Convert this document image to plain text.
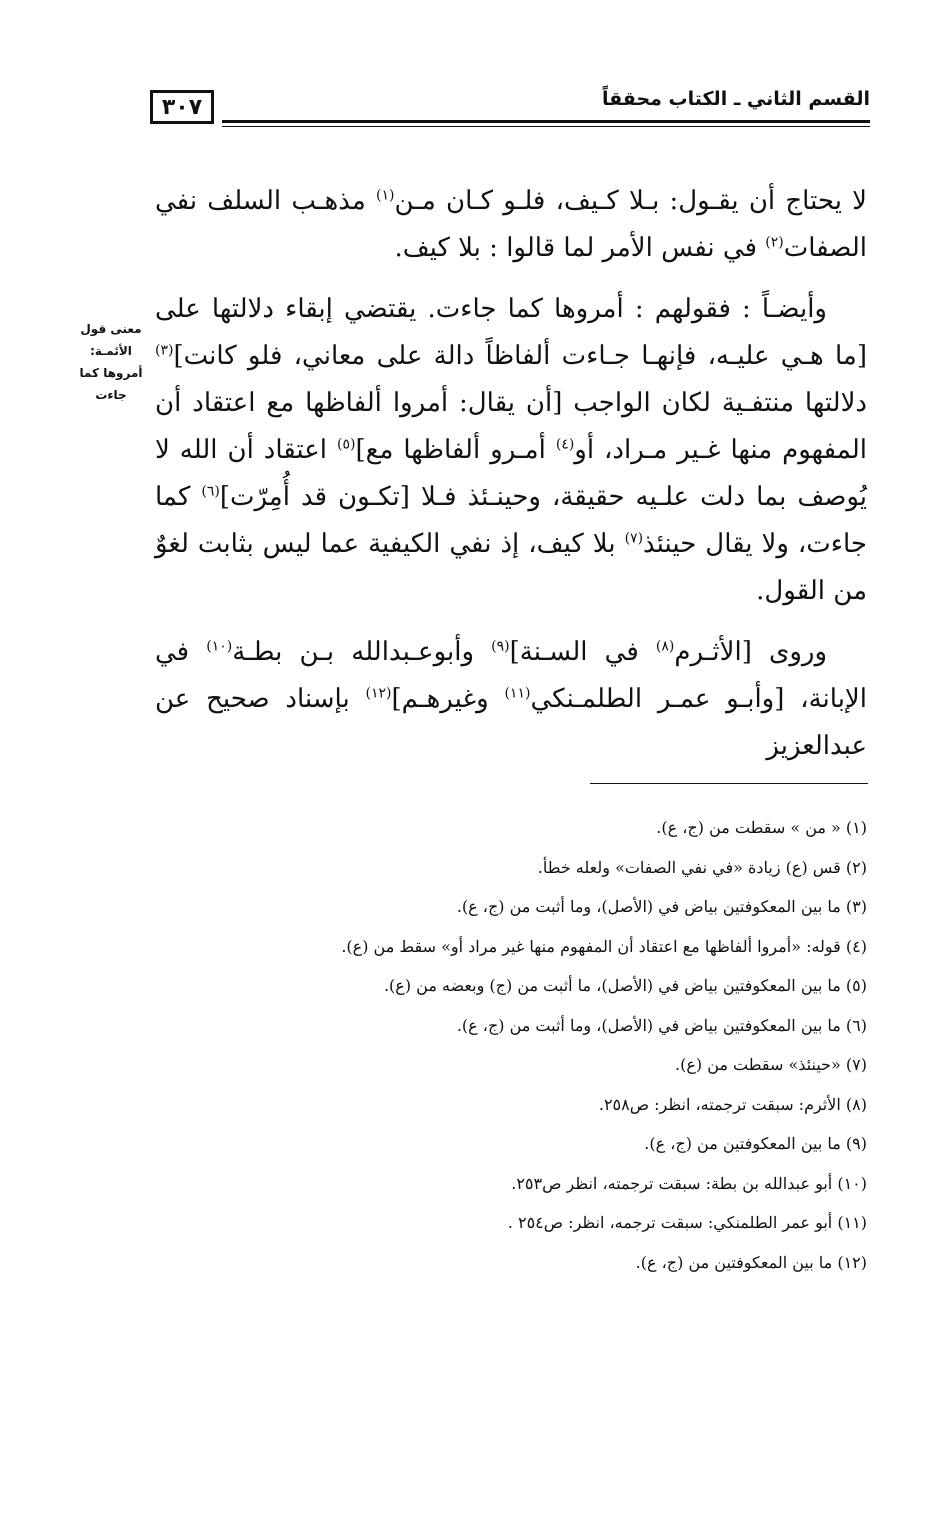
٣٠٧	القسم الثاني ـ الكتاب محققاً
معنى قول
الأئمـة:
أمروها كما
جاءت

لا يحتاج أن يقـول: بـلا كـيف، فلـو كـان مـن$^{(١)}$ مذهـب السلف نفي الصفات$^{(٢)}$ في نفس الأمر لما قالوا : بلا كيف.

وأيضـاً : فقولهم : أمروها كما جاءت. يقتضي إبقاء دلالتها على [ما هـي عليـه، فإنهـا جـاءت ألفاظاً دالة على معاني، فلو كانت]$^{(٣)}$ دلالتها منتفـية لكان الواجب [أن يقال: أمروا ألفاظها مع اعتقاد أن المفهوم منها غـير مـراد، أو$^{(٤)}$ أمـرو ألفاظها مع]$^{(٥)}$ اعتقاد أن الله لا يُوصف بما دلت علـيه حقيقة، وحينـئذ فـلا [تكـون قد أُمِرّت]$^{(٦)}$ كما جاءت، ولا يقال حينئذ$^{(٧)}$ بلا كيف، إذ نفي الكيفية عما ليس بثابت لغوٌ من القول.

وروى [الأثـرم$^{(٨)}$ في السـنة]$^{(٩)}$ وأبوعـبدالله بـن بطـة$^{(١٠)}$ في الإبانة، [وأبـو عمـر الطلمـنكي$^{(١١)}$ وغيرهـم]$^{(١٢)}$ بإسناد صحيح عن عبدالعزيز

(١) « من » سقطت من (ج، ع).
(٢) قس (ع) زيادة «في نفي الصفات» ولعله خطأ.
(٣) ما بين المعكوفتين بياض في (الأصل)، وما أثبت من (ج، ع).
(٤) قوله: «أمروا ألفاظها مع اعتقاد أن المفهوم منها غير مراد أو» سقط من (ع).
(٥) ما بين المعكوفتين بياض في (الأصل)، ما أثبت من (ج) وبعضه من (ع).
(٦) ما بين المعكوفتين بياض في (الأصل)، وما أثبت من (ج، ع).
(٧) «حينئذ» سقطت من (ع).
(٨) الأثرم: سبقت ترجمته، انظر: ص٢٥٨.
(٩) ما بين المعكوفتين من (ج، ع).
(١٠) أبو عبدالله بن بطة: سبقت ترجمته، انظر ص٢٥٣.
(١١) أبو عمر الطلمنكي: سبقت ترجمه، انظر: ص٢٥٤ .
(١٢) ما بين المعكوفتين من (ج، ع).
